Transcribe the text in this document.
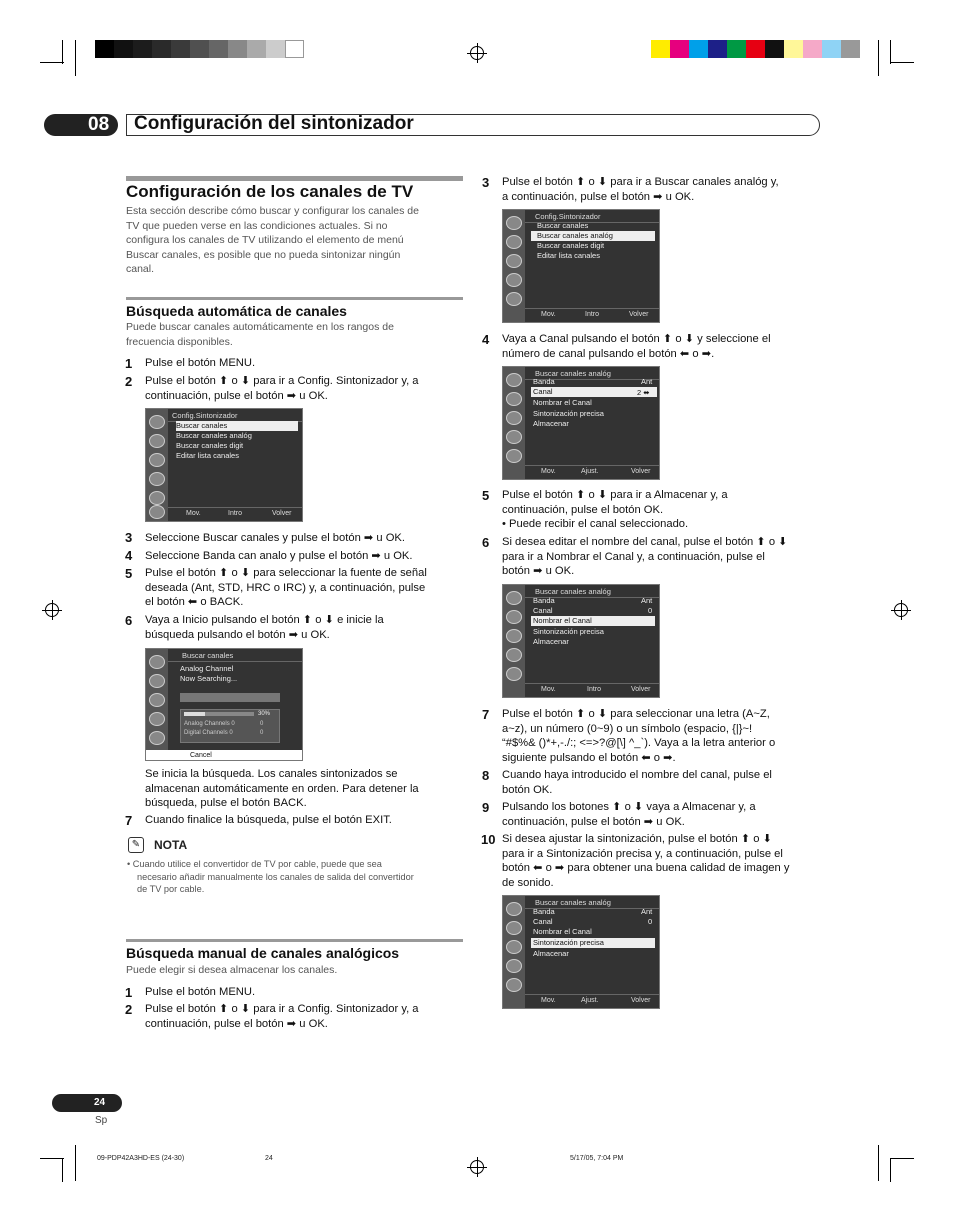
08	Configuración del sintonizador
Configuración de los canales de TV
Esta sección describe cómo buscar y configurar los canales de
TV que pueden verse en las condiciones actuales. Si no
configura los canales de TV utilizando el elemento de menú
Buscar canales, es posible que no pueda sintonizar ningún
canal.
Búsqueda automática de canales
Puede buscar canales automáticamente en los rangos de
frecuencia disponibles.
1 Pulse el botón MENU.
2 Pulse el botón ⬆ o ⬇ para ir a Config. Sintonizador y, a
continuación, pulse el botón ➡ u OK.
Config.Sintonizador
Buscar canales
Buscar canales analóg
Buscar canales digit
Editar lista canales
Mov.	Intro	Volver
3 Seleccione Buscar canales y pulse el botón ➡ u OK.
4 Seleccione Banda can analo y pulse el botón ➡ u OK.
5 Pulse el botón ⬆ o ⬇ para seleccionar la fuente de señal
deseada (Ant, STD, HRC o IRC) y, a continuación, pulse
el botón ⬅ o BACK.
6 Vaya a Inicio pulsando el botón ⬆ o ⬇ e inicie la
búsqueda pulsando el botón ➡ u OK.
Buscar canales
Analog Channel
Now Searching...
30%
Analog Channels 0	0
Digital Channels 0	0
Cancel
Se inicia la búsqueda. Los canales sintonizados se
almacenan automáticamente en orden. Para detener la
búsqueda, pulse el botón BACK.
7 Cuando finalice la búsqueda, pulse el botón EXIT.
✎	NOTA
• Cuando utilice el convertidor de TV por cable, puede que sea
necesario añadir manualmente los canales de salida del convertidor
de TV por cable.
Búsqueda manual de canales analógicos
Puede elegir si desea almacenar los canales.
1 Pulse el botón MENU.
2 Pulse el botón ⬆ o ⬇ para ir a Config. Sintonizador y, a
continuación, pulse el botón ➡ u OK.
3 Pulse el botón ⬆ o ⬇ para ir a Buscar canales analóg y,
a continuación, pulse el botón ➡ u OK.
Config.Sintonizador
Buscar canales
Buscar canales analóg
Buscar canales digit
Editar lista canales
Mov.	Intro	Volver
4 Vaya a Canal pulsando el botón ⬆ o ⬇ y seleccione el
número de canal pulsando el botón ⬅ o ➡.
Buscar canales analóg
Banda	Ant
Canal	2 ⬌
Nombrar el Canal
Sintonización precisa
Almacenar
Mov.	Ajust.	Volver
5 Pulse el botón ⬆ o ⬇ para ir a Almacenar y, a
continuación, pulse el botón OK.
• Puede recibir el canal seleccionado.
6 Si desea editar el nombre del canal, pulse el botón ⬆ o ⬇
para ir a Nombrar el Canal y, a continuación, pulse el
botón ➡ u OK.
Buscar canales analóg
Banda	Ant
Canal	0
Nombrar el Canal
Sintonización precisa
Almacenar
Mov.	Intro	Volver
7 Pulse el botón ⬆ o ⬇ para seleccionar una letra (A~Z,
a~z), un número (0~9) o un símbolo (espacio, {|}~!
“#$%& ()*+,-./:; <=>?@[\] ^_`). Vaya a la letra anterior o
siguiente pulsando el botón ⬅ o ➡.
8 Cuando haya introducido el nombre del canal, pulse el
botón OK.
9 Pulsando los botones ⬆ o ⬇ vaya a Almacenar y, a
continuación, pulse el botón ➡ u OK.
10 Si desea ajustar la sintonización, pulse el botón ⬆ o ⬇
para ir a Sintonización precisa y, a continuación, pulse el
botón ⬅ o ➡ para obtener una buena calidad de imagen y
de sonido.
Buscar canales analóg
Banda	Ant
Canal	0
Nombrar el Canal
Sintonización precisa
Almacenar
Mov.	Ajust.	Volver
24
Sp
09-PDP42A3HD-ES (24-30)	24	5/17/05, 7:04 PM
